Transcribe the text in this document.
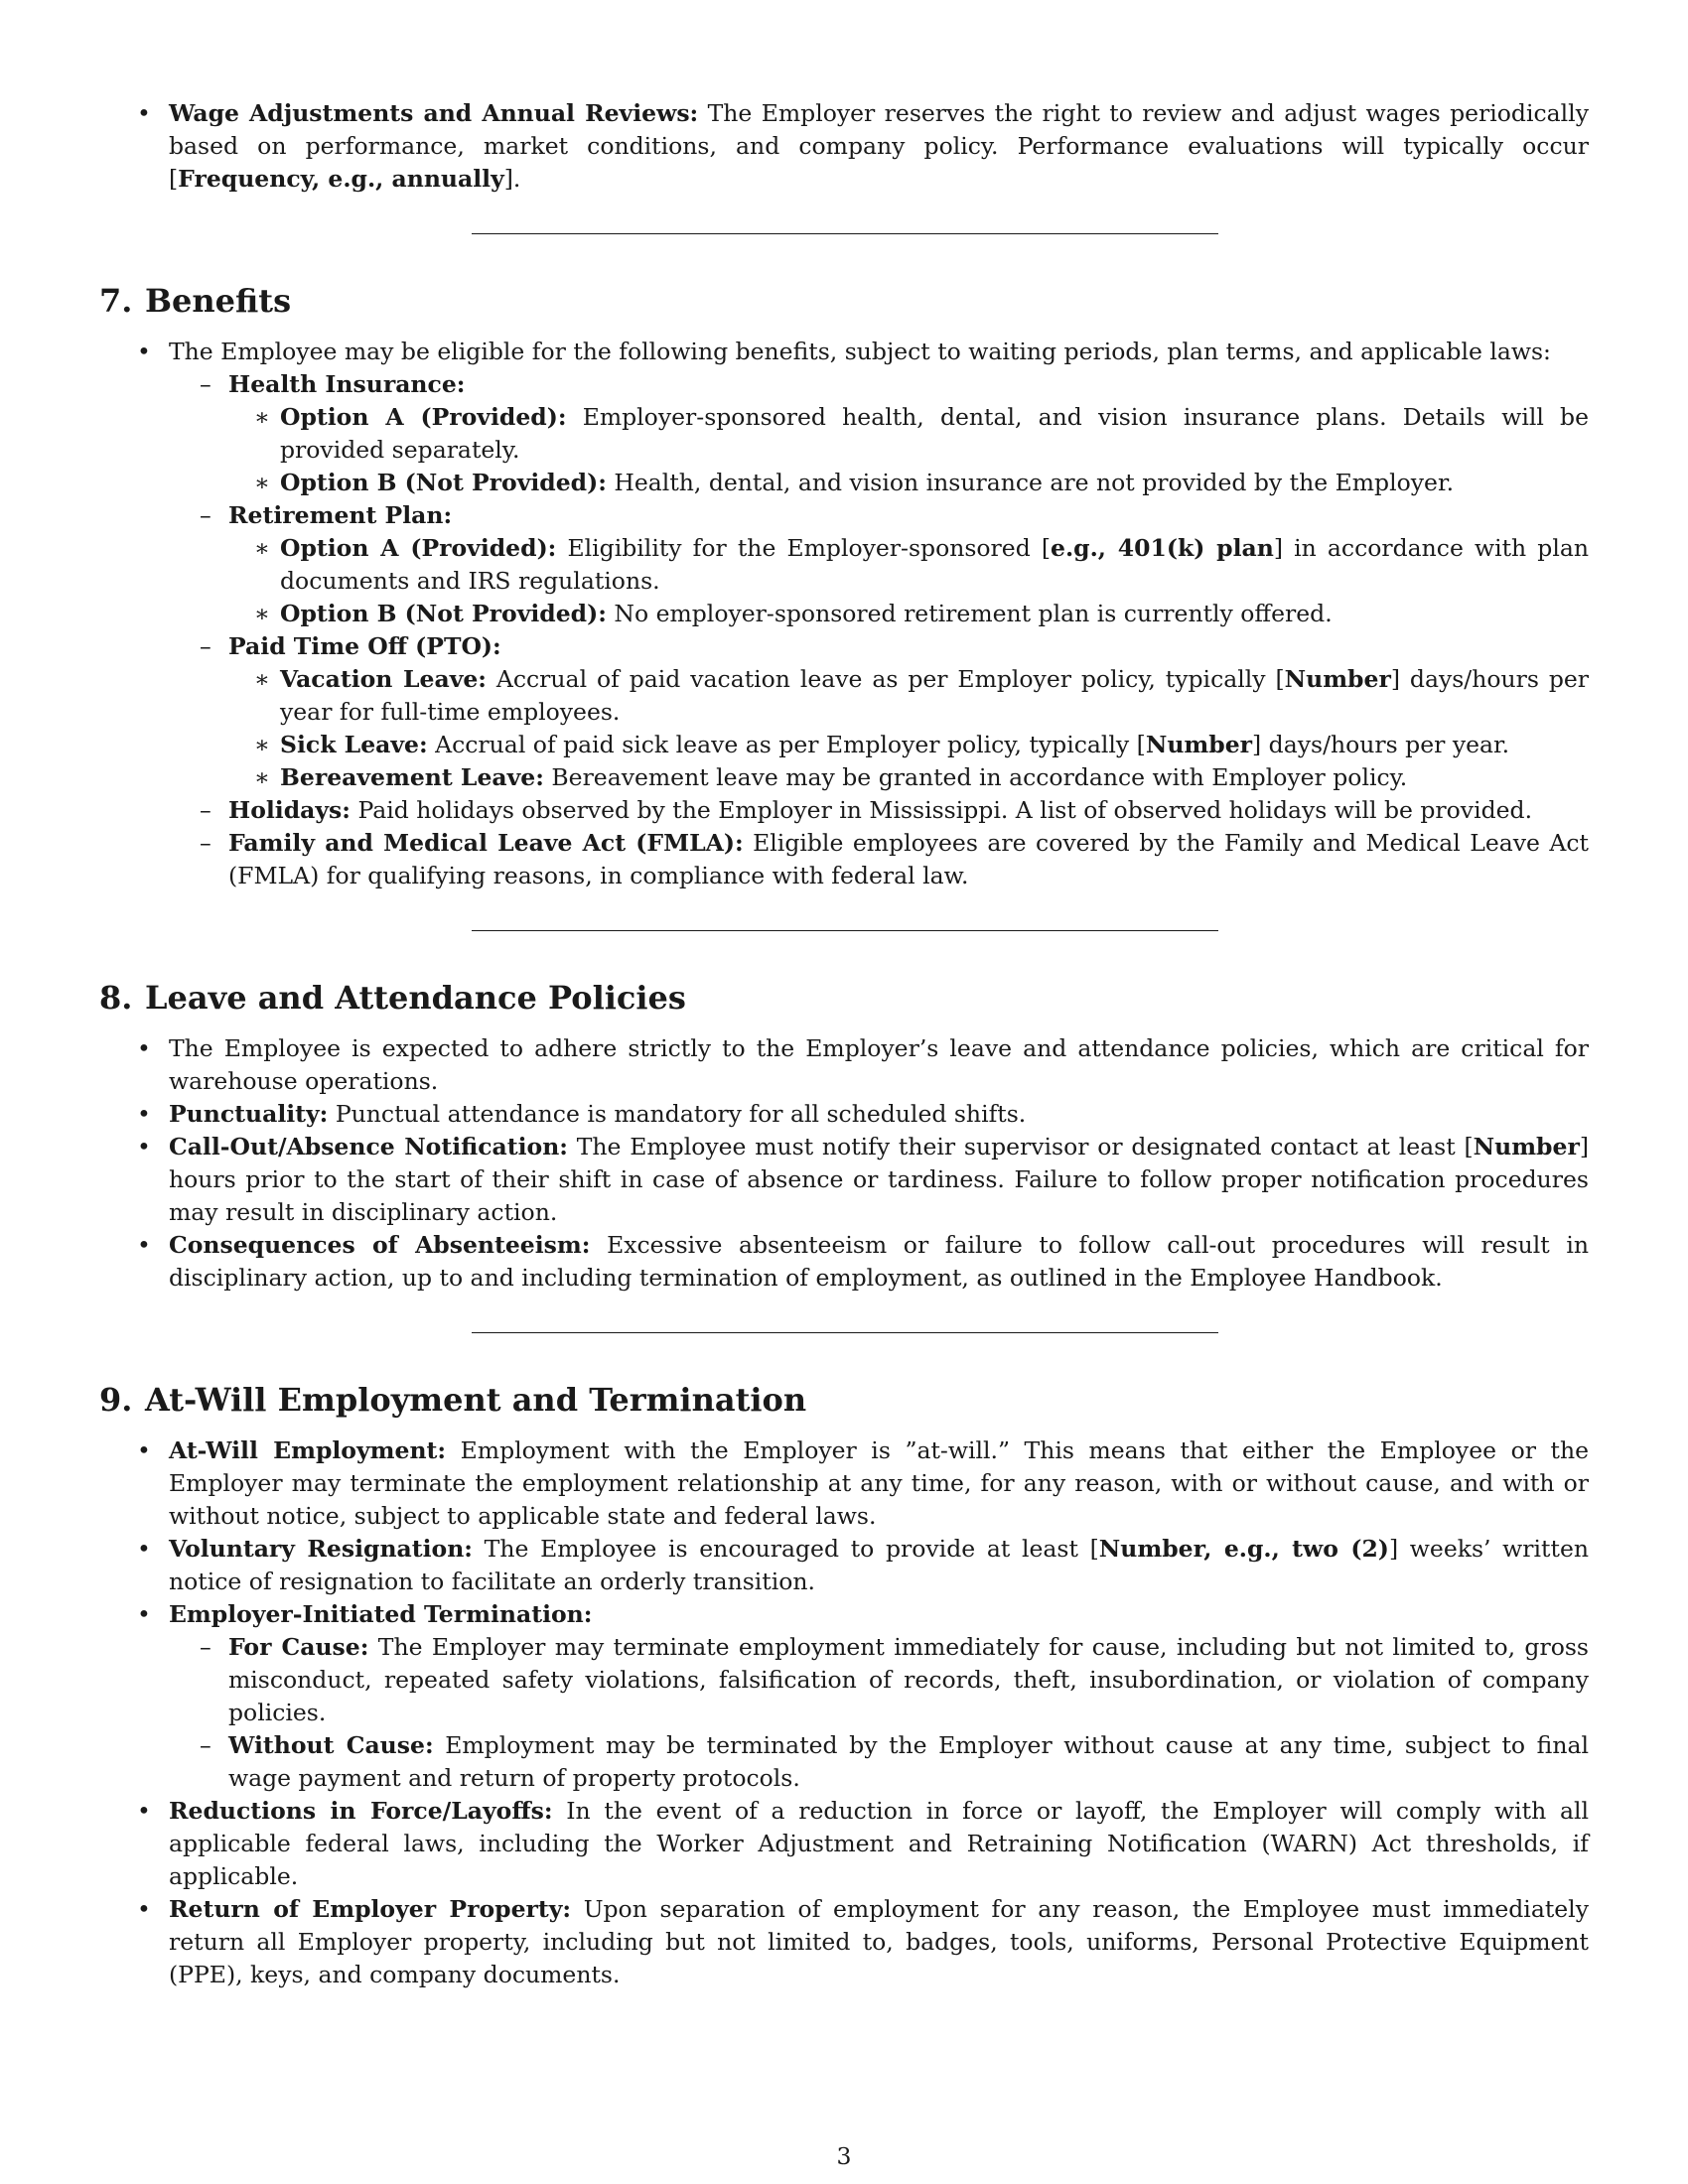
• Wage Adjustments and Annual Reviews: The Employer reserves the right to review and adjust wages periodically based on performance, market conditions, and company policy. Performance evaluations will typically occur [Frequency, e.g., annually].
7. Benefits
• The Employee may be eligible for the following benefits, subject to waiting periods, plan terms, and applicable laws:
– Health Insurance:
∗ Option A (Provided): Employer-sponsored health, dental, and vision insurance plans. Details will be provided separately.
∗ Option B (Not Provided): Health, dental, and vision insurance are not provided by the Employer.
– Retirement Plan:
∗ Option A (Provided): Eligibility for the Employer-sponsored [e.g., 401(k) plan] in accordance with plan documents and IRS regulations.
∗ Option B (Not Provided): No employer-sponsored retirement plan is currently offered.
– Paid Time Off (PTO):
∗ Vacation Leave: Accrual of paid vacation leave as per Employer policy, typically [Number] days/hours per year for full-time employees.
∗ Sick Leave: Accrual of paid sick leave as per Employer policy, typically [Number] days/hours per year.
∗ Bereavement Leave: Bereavement leave may be granted in accordance with Employer policy.
– Holidays: Paid holidays observed by the Employer in Mississippi. A list of observed holidays will be provided.
– Family and Medical Leave Act (FMLA): Eligible employees are covered by the Family and Medical Leave Act (FMLA) for qualifying reasons, in compliance with federal law.
8. Leave and Attendance Policies
• The Employee is expected to adhere strictly to the Employer’s leave and attendance policies, which are critical for warehouse operations.
• Punctuality: Punctual attendance is mandatory for all scheduled shifts.
• Call-Out/Absence Notification: The Employee must notify their supervisor or designated contact at least [Number] hours prior to the start of their shift in case of absence or tardiness. Failure to follow proper notification procedures may result in disciplinary action.
• Consequences of Absenteeism: Excessive absenteeism or failure to follow call-out procedures will result in disciplinary action, up to and including termination of employment, as outlined in the Employee Handbook.
9. At-Will Employment and Termination
• At-Will Employment: Employment with the Employer is ”at-will.” This means that either the Employee or the Employer may terminate the employment relationship at any time, for any reason, with or without cause, and with or without notice, subject to applicable state and federal laws.
• Voluntary Resignation: The Employee is encouraged to provide at least [Number, e.g., two (2)] weeks’ written notice of resignation to facilitate an orderly transition.
• Employer-Initiated Termination:
– For Cause: The Employer may terminate employment immediately for cause, including but not limited to, gross misconduct, repeated safety violations, falsification of records, theft, insubordination, or violation of company policies.
– Without Cause: Employment may be terminated by the Employer without cause at any time, subject to final wage payment and return of property protocols.
• Reductions in Force/Layoffs: In the event of a reduction in force or layoff, the Employer will comply with all applicable federal laws, including the Worker Adjustment and Retraining Notification (WARN) Act thresholds, if applicable.
• Return of Employer Property: Upon separation of employment for any reason, the Employee must immediately return all Employer property, including but not limited to, badges, tools, uniforms, Personal Protective Equipment (PPE), keys, and company documents.
3
